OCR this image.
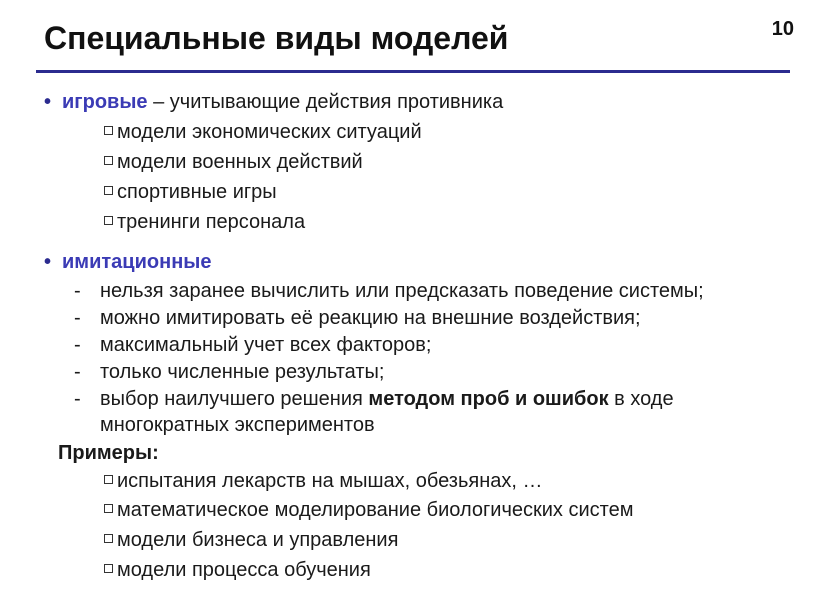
Специальные виды моделей	10
• игровые – учитывающие действия противника
модели экономических ситуаций
модели военных действий
спортивные игры
тренинги персонала
• имитационные
- нельзя заранее вычислить или предсказать поведение системы;
- можно имитировать её реакцию на внешние воздействия;
- максимальный учет всех факторов;
- только численные результаты;
- выбор наилучшего решения методом проб и ошибок в ходе
многократных экспериментов
Примеры:
испытания лекарств на мышах, обезьянах, …
математическое моделирование биологических систем
модели бизнеса и управления
модели процесса обучения
